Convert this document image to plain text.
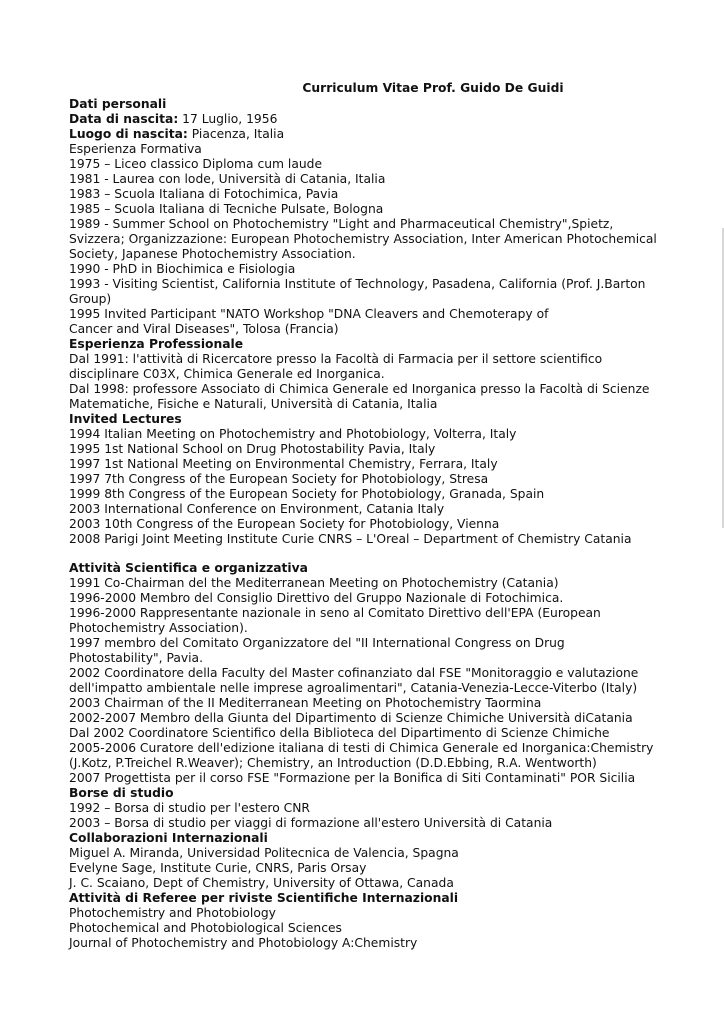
Curriculum Vitae Prof. Guido De Guidi
Dati personali
Data di nascita: 17 Luglio, 1956
Luogo di nascita: Piacenza, Italia
Esperienza Formativa
1975 – Liceo classico Diploma cum laude
1981 - Laurea con lode, Università di Catania, Italia
1983 – Scuola Italiana di Fotochimica, Pavia
1985 – Scuola Italiana di Tecniche Pulsate, Bologna
1989 - Summer School on Photochemistry "Light and Pharmaceutical Chemistry",Spietz,
Svizzera; Organizzazione: European Photochemistry Association, Inter American Photochemical
Society, Japanese Photochemistry Association.
1990 - PhD in Biochimica e Fisiologia
1993 - Visiting Scientist, California Institute of Technology, Pasadena, California (Prof. J.Barton
Group)
1995 Invited Participant "NATO Workshop "DNA Cleavers and Chemoterapy of
Cancer and Viral Diseases", Tolosa (Francia)
Esperienza Professionale
Dal 1991: l'attività di Ricercatore presso la Facoltà di Farmacia per il settore scientifico
disciplinare C03X, Chimica Generale ed Inorganica.
Dal 1998: professore Associato di Chimica Generale ed Inorganica presso la Facoltà di Scienze
Matematiche, Fisiche e Naturali, Università di Catania, Italia
Invited Lectures
1994 Italian Meeting on Photochemistry and Photobiology, Volterra, Italy
1995 1st National School on Drug Photostability Pavia, Italy
1997 1st National Meeting on Environmental Chemistry, Ferrara, Italy
1997 7th Congress of the European Society for Photobiology, Stresa
1999 8th Congress of the European Society for Photobiology, Granada, Spain
2003 International Conference on Environment, Catania Italy
2003 10th Congress of the European Society for Photobiology, Vienna
2008 Parigi Joint Meeting Institute Curie CNRS – L'Oreal – Department of Chemistry Catania
Attività Scientifica e organizzativa
1991 Co-Chairman del the Mediterranean Meeting on Photochemistry (Catania)
1996-2000 Membro del Consiglio Direttivo del Gruppo Nazionale di Fotochimica.
1996-2000 Rappresentante nazionale in seno al Comitato Direttivo dell'EPA (European
Photochemistry Association).
1997 membro del Comitato Organizzatore del "II International Congress on Drug
Photostability", Pavia.
2002 Coordinatore della Faculty del Master cofinanziato dal FSE "Monitoraggio e valutazione
dell'impatto ambientale nelle imprese agroalimentari", Catania-Venezia-Lecce-Viterbo (Italy)
2003 Chairman of the II Mediterranean Meeting on Photochemistry Taormina
2002-2007 Membro della Giunta del Dipartimento di Scienze Chimiche Università diCatania
Dal 2002 Coordinatore Scientifico della Biblioteca del Dipartimento di Scienze Chimiche
2005-2006 Curatore dell'edizione italiana di testi di Chimica Generale ed Inorganica:Chemistry
(J.Kotz, P.Treichel R.Weaver); Chemistry, an Introduction (D.D.Ebbing, R.A. Wentworth)
2007 Progettista per il corso FSE "Formazione per la Bonifica di Siti Contaminati" POR Sicilia
Borse di studio
1992 – Borsa di studio per l'estero CNR
2003 – Borsa di studio per viaggi di formazione all'estero Università di Catania
Collaborazioni Internazionali
Miguel A. Miranda, Universidad Politecnica de Valencia, Spagna
Evelyne Sage, Institute Curie, CNRS, Paris Orsay
J. C. Scaiano, Dept of Chemistry, University of Ottawa, Canada
Attività di Referee per riviste Scientifiche Internazionali
Photochemistry and Photobiology
Photochemical and Photobiological Sciences
Journal of Photochemistry and Photobiology A:Chemistry
